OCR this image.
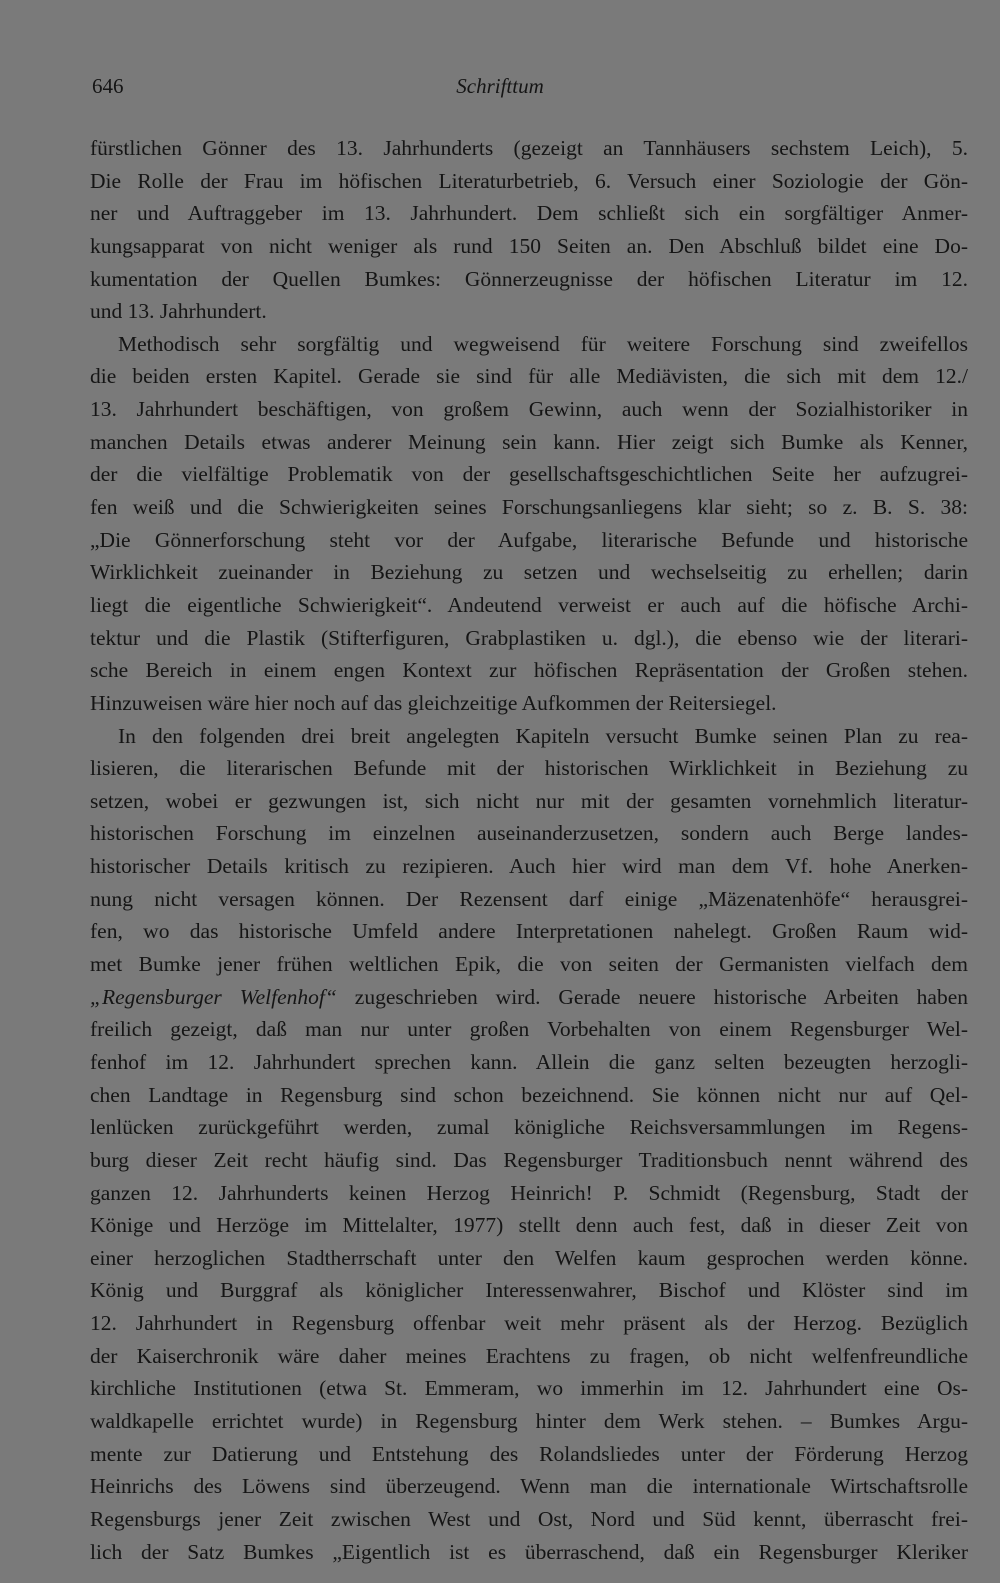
646	Schrifttum
fürstlichen Gönner des 13. Jahrhunderts (gezeigt an Tannhäusers sechstem Leich), 5.
Die Rolle der Frau im höfischen Literaturbetrieb, 6. Versuch einer Soziologie der Gön-
ner und Auftraggeber im 13. Jahrhundert. Dem schließt sich ein sorgfältiger Anmer-
kungsapparat von nicht weniger als rund 150 Seiten an. Den Abschluß bildet eine Do-
kumentation der Quellen Bumkes: Gönnerzeugnisse der höfischen Literatur im 12.
und 13. Jahrhundert.
Methodisch sehr sorgfältig und wegweisend für weitere Forschung sind zweifellos
die beiden ersten Kapitel. Gerade sie sind für alle Mediävisten, die sich mit dem 12./
13. Jahrhundert beschäftigen, von großem Gewinn, auch wenn der Sozialhistoriker in
manchen Details etwas anderer Meinung sein kann. Hier zeigt sich Bumke als Kenner,
der die vielfältige Problematik von der gesellschaftsgeschichtlichen Seite her aufzugrei-
fen weiß und die Schwierigkeiten seines Forschungsanliegens klar sieht; so z. B. S. 38:
„Die Gönnerforschung steht vor der Aufgabe, literarische Befunde und historische
Wirklichkeit zueinander in Beziehung zu setzen und wechselseitig zu erhellen; darin
liegt die eigentliche Schwierigkeit“. Andeutend verweist er auch auf die höfische Archi-
tektur und die Plastik (Stifterfiguren, Grabplastiken u. dgl.), die ebenso wie der literari-
sche Bereich in einem engen Kontext zur höfischen Repräsentation der Großen stehen.
Hinzuweisen wäre hier noch auf das gleichzeitige Aufkommen der Reitersiegel.
In den folgenden drei breit angelegten Kapiteln versucht Bumke seinen Plan zu rea-
lisieren, die literarischen Befunde mit der historischen Wirklichkeit in Beziehung zu
setzen, wobei er gezwungen ist, sich nicht nur mit der gesamten vornehmlich literatur-
historischen Forschung im einzelnen auseinanderzusetzen, sondern auch Berge landes-
historischer Details kritisch zu rezipieren. Auch hier wird man dem Vf. hohe Anerken-
nung nicht versagen können. Der Rezensent darf einige „Mäzenatenhöfe“ herausgrei-
fen, wo das historische Umfeld andere Interpretationen nahelegt. Großen Raum wid-
met Bumke jener frühen weltlichen Epik, die von seiten der Germanisten vielfach dem
„Regensburger Welfenhof“ zugeschrieben wird. Gerade neuere historische Arbeiten haben
freilich gezeigt, daß man nur unter großen Vorbehalten von einem Regensburger Wel-
fenhof im 12. Jahrhundert sprechen kann. Allein die ganz selten bezeugten herzogli-
chen Landtage in Regensburg sind schon bezeichnend. Sie können nicht nur auf Qel-
lenlücken zurückgeführt werden, zumal königliche Reichsversammlungen im Regens-
burg dieser Zeit recht häufig sind. Das Regensburger Traditionsbuch nennt während des
ganzen 12. Jahrhunderts keinen Herzog Heinrich! P. Schmidt (Regensburg, Stadt der
Könige und Herzöge im Mittelalter, 1977) stellt denn auch fest, daß in dieser Zeit von
einer herzoglichen Stadtherrschaft unter den Welfen kaum gesprochen werden könne.
König und Burggraf als königlicher Interessenwahrer, Bischof und Klöster sind im
12. Jahrhundert in Regensburg offenbar weit mehr präsent als der Herzog. Bezüglich
der Kaiserchronik wäre daher meines Erachtens zu fragen, ob nicht welfenfreundliche
kirchliche Institutionen (etwa St. Emmeram, wo immerhin im 12. Jahrhundert eine Os-
waldkapelle errichtet wurde) in Regensburg hinter dem Werk stehen. – Bumkes Argu-
mente zur Datierung und Entstehung des Rolandsliedes unter der Förderung Herzog
Heinrichs des Löwens sind überzeugend. Wenn man die internationale Wirtschaftsrolle
Regensburgs jener Zeit zwischen West und Ost, Nord und Süd kennt, überrascht frei-
lich der Satz Bumkes „Eigentlich ist es überraschend, daß ein Regensburger Kleriker
